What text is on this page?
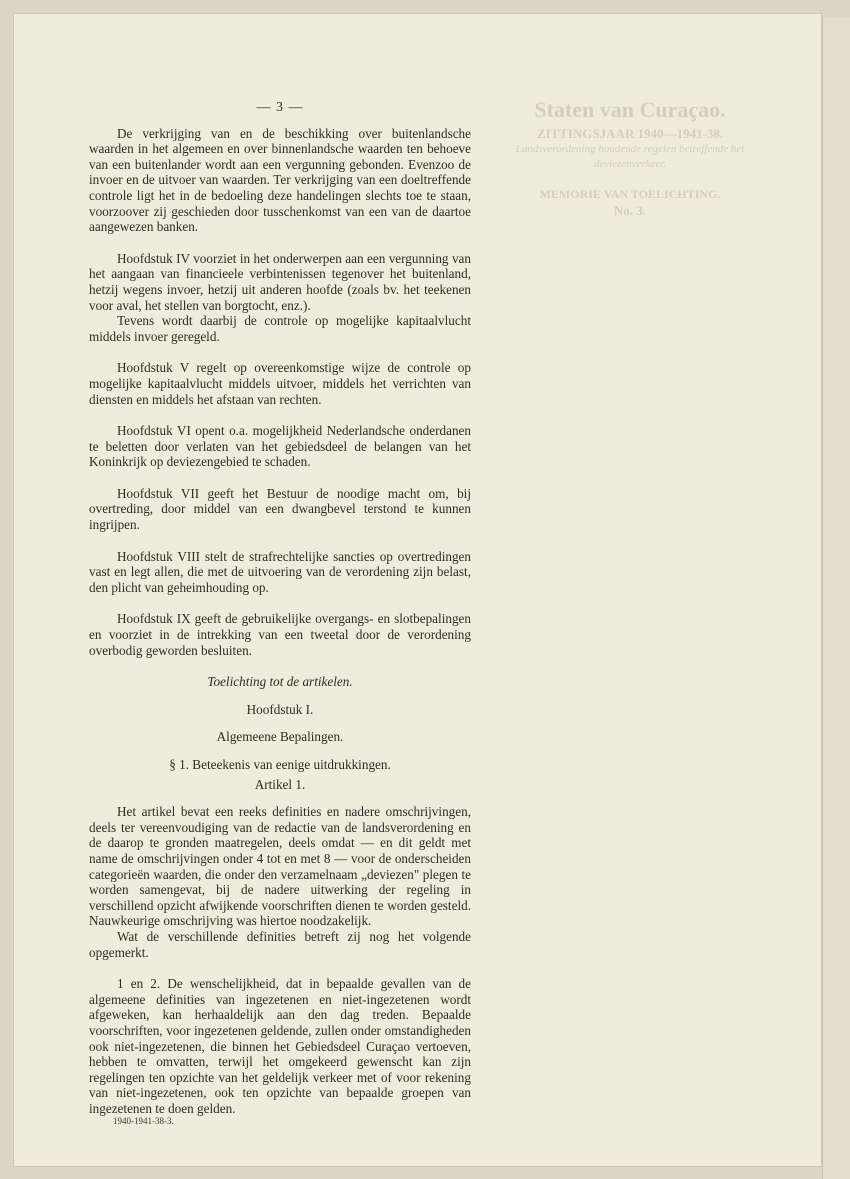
Staten van Curaçao.
ZITTINGSJAAR 1940—1941-38.
Landsverordening houdende regelen betreffende het deviezenverkeer.
MEMORIE VAN TOELICHTING.
No. 3.
— 3 —

De verkrijging van en de beschikking over buitenlandsche waarden in het algemeen en over binnenlandsche waarden ten behoeve van een buitenlander wordt aan een vergunning gebonden. Evenzoo de invoer en de uitvoer van waarden. Ter verkrijging van een doeltreffende controle ligt het in de bedoeling deze handelingen slechts toe te staan, voorzoover zij geschieden door tusschenkomst van een van de daartoe aangewezen banken.

Hoofdstuk IV voorziet in het onderwerpen aan een vergunning van het aangaan van financieele verbintenissen tegenover het buitenland, hetzij wegens invoer, hetzij uit anderen hoofde (zoals bv. het teekenen voor aval, het stellen van borgtocht, enz.).

Tevens wordt daarbij de controle op mogelijke kapitaalvlucht middels invoer geregeld.

Hoofdstuk V regelt op overeenkomstige wijze de controle op mogelijke kapitaalvlucht middels uitvoer, middels het verrichten van diensten en middels het afstaan van rechten.

Hoofdstuk VI opent o.a. mogelijkheid Nederlandsche onderdanen te beletten door verlaten van het gebiedsdeel de belangen van het Koninkrijk op deviezengebied te schaden.

Hoofdstuk VII geeft het Bestuur de noodige macht om, bij overtreding, door middel van een dwangbevel terstond te kunnen ingrijpen.

Hoofdstuk VIII stelt de strafrechtelijke sancties op overtredingen vast en legt allen, die met de uitvoering van de verordening zijn belast, den plicht van geheimhouding op.

Hoofdstuk IX geeft de gebruikelijke overgangs- en slotbepalingen en voorziet in de intrekking van een tweetal door de verordening overbodig geworden besluiten.

Toelichting tot de artikelen.

Hoofdstuk I.

Algemeene Bepalingen.

§ 1. Beteekenis van eenige uitdrukkingen.

Artikel 1.

Het artikel bevat een reeks definities en nadere omschrijvingen, deels ter vereenvoudiging van de redactie van de landsverordening en de daarop te gronden maatregelen, deels omdat — en dit geldt met name de omschrijvingen onder 4 tot en met 8 — voor de onderscheiden categorieën waarden, die onder den verzamelnaam „deviezen" plegen te worden samengevat, bij de nadere uitwerking der regeling in verschillend opzicht afwijkende voorschriften dienen te worden gesteld. Nauwkeurige omschrijving was hiertoe noodzakelijk.

Wat de verschillende definities betreft zij nog het volgende opgemerkt.

1 en 2. De wenschelijkheid, dat in bepaalde gevallen van de algemeene definities van ingezetenen en niet-ingezetenen wordt afgeweken, kan herhaaldelijk aan den dag treden. Bepaalde voorschriften, voor ingezetenen geldende, zullen onder omstandigheden ook niet-ingezetenen, die binnen het Gebiedsdeel Curaçao vertoeven, hebben te omvatten, terwijl het omgekeerd gewenscht kan zijn regelingen ten opzichte van het geldelijk verkeer met of voor rekening van niet-ingezetenen, ook ten opzichte van bepaalde groepen van ingezetenen te doen gelden.

1940-1941-38-3.
